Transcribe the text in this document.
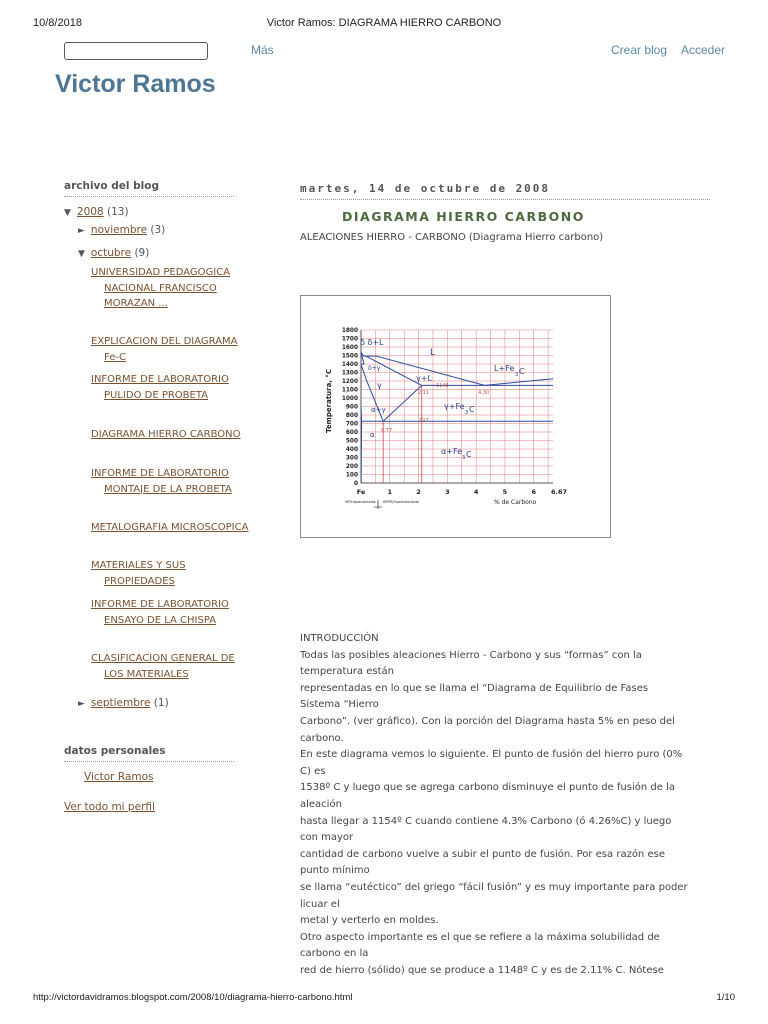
10/8/2018	Victor Ramos: DIAGRAMA HIERRO CARBONO
Más	Crear blog Acceder
Victor Ramos
archivo del blog
▼ 2008 (13)
► noviembre (3)
▼ octubre (9)
UNIVERSIDAD PEDAGOGICA NACIONAL FRANCISCO MORAZAN ...
EXPLICACION DEL DIAGRAMA Fe-C
INFORME DE LABORATORIO PULIDO DE PROBETA
DIAGRAMA HIERRO CARBONO
INFORME DE LABORATORIO MONTAJE DE LA PROBETA
METALOGRAFIA MICROSCOPICA
MATERIALES Y SUS PROPIEDADES
INFORME DE LABORATORIO ENSAYO DE LA CHISPA
CLASIFICACION GENERAL DE LOS MATERIALES
► septiembre (1)
datos personales
Victor Ramos
Ver todo mi perfil
martes, 14 de octubre de 2008
DIAGRAMA HIERRO CARBONO
ALEACIONES HIERRO - CARBONO (Diagrama Hierro carbono)
1800
1700
1600
1500
1400
1300
1200
1100
1000
900
800
700
600
500
400
300
200
100
0
Fe	1	2	3	4	5	6 6.67
Temperatura, °C
% de Carbono
HIP/Hipoeutectoide HIPER/Hipereutectoide
δ δ+L
L
L+Fe
3 C
δ+γ
γ
γ+L
1148
2.11	4.30
α+γ	γ+Fe
3 C
727
0.77
α
α+Fe
3 C
INTRODUCCIÓN
Todas las posibles aleaciones Hierro - Carbono y sus “formas” con la
temperatura están
representadas en lo que se llama el “Diagrama de Equilibrio de Fases
Sistema “Hierro
Carbono”. (ver gráfico). Con la porción del Diagrama hasta 5% en peso del
carbono.
En este diagrama vemos lo siguiente. El punto de fusión del hierro puro (0%
C) es
1538º C y luego que se agrega carbono disminuye el punto de fusión de la
aleación
hasta llegar a 1154º C cuando contiene 4.3% Carbono (ó 4.26%C) y luego
con mayor
cantidad de carbono vuelve a subir el punto de fusión. Por esa razón ese
punto mínimo
se llama “eutéctico” del griego “fácil fusión” y es muy importante para poder
licuar el
metal y verterlo en moldes.
Otro aspecto importante es el que se refiere a la máxima solubilidad de
carbono en la
red de hierro (sólido) que se produce a 1148º C y es de 2.11% C. Nótese
http://victordavidramos.blogspot.com/2008/10/diagrama-hierro-carbono.html	1/10
